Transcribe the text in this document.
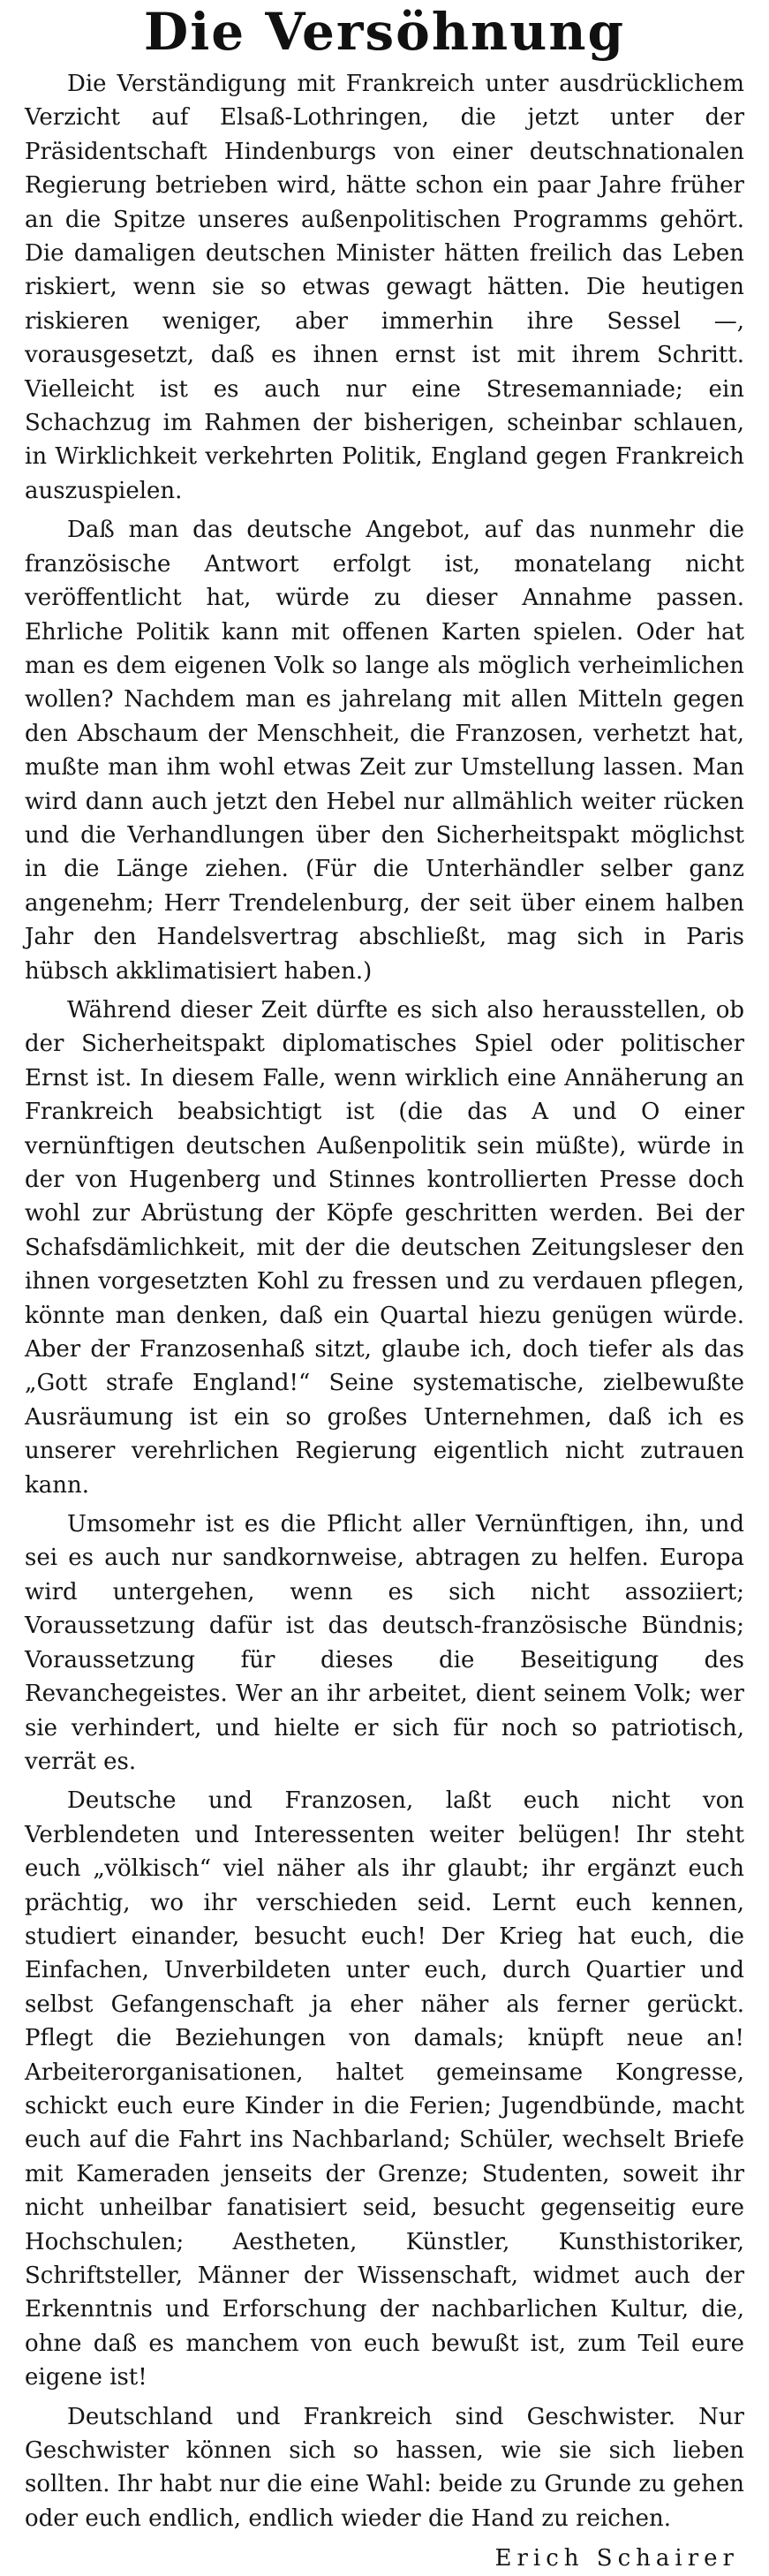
Die Versöhnung

Die Verständigung mit Frankreich unter ausdrücklichem Verzicht auf Elsaß-Lothringen, die jetzt unter der Präsidentschaft Hindenburgs von einer deutschnationalen Regierung betrieben wird, hätte schon ein paar Jahre früher an die Spitze unseres außenpolitischen Programms gehört. Die damaligen deutschen Minister hätten freilich das Leben riskiert, wenn sie so etwas gewagt hätten. Die heutigen riskieren weniger, aber immerhin ihre Sessel —, vorausgesetzt, daß es ihnen ernst ist mit ihrem Schritt. Vielleicht ist es auch nur eine Stresemanniade; ein Schachzug im Rahmen der bisherigen, scheinbar schlauen, in Wirklichkeit verkehrten Politik, England gegen Frankreich auszuspielen.

Daß man das deutsche Angebot, auf das nunmehr die französische Antwort erfolgt ist, monatelang nicht veröffentlicht hat, würde zu dieser Annahme passen. Ehrliche Politik kann mit offenen Karten spielen. Oder hat man es dem eigenen Volk so lange als möglich verheimlichen wollen? Nachdem man es jahrelang mit allen Mitteln gegen den Abschaum der Menschheit, die Franzosen, verhetzt hat, mußte man ihm wohl etwas Zeit zur Umstellung lassen. Man wird dann auch jetzt den Hebel nur allmählich weiter rücken und die Verhandlungen über den Sicherheitspakt möglichst in die Länge ziehen. (Für die Unterhändler selber ganz angenehm; Herr Trendelenburg, der seit über einem halben Jahr den Handelsvertrag abschließt, mag sich in Paris hübsch akklimatisiert haben.)

Während dieser Zeit dürfte es sich also herausstellen, ob der Sicherheitspakt diplomatisches Spiel oder politischer Ernst ist. In diesem Falle, wenn wirklich eine Annäherung an Frankreich beabsichtigt ist (die das A und O einer vernünftigen deutschen Außenpolitik sein müßte), würde in der von Hugenberg und Stinnes kontrollierten Presse doch wohl zur Abrüstung der Köpfe geschritten werden. Bei der Schafsdämlichkeit, mit der die deutschen Zeitungsleser den ihnen vorgesetzten Kohl zu fressen und zu verdauen pflegen, könnte man denken, daß ein Quartal hiezu genügen würde. Aber der Franzosenhaß sitzt, glaube ich, doch tiefer als das „Gott strafe England!“ Seine systematische, zielbewußte Ausräumung ist ein so großes Unternehmen, daß ich es unserer verehrlichen Regierung eigentlich nicht zutrauen kann.

Umsomehr ist es die Pflicht aller Vernünftigen, ihn, und sei es auch nur sandkornweise, abtragen zu helfen. Europa wird untergehen, wenn es sich nicht assoziiert; Voraussetzung dafür ist das deutsch-französische Bündnis; Voraussetzung für dieses die Beseitigung des Revanchegeistes. Wer an ihr arbeitet, dient seinem Volk; wer sie verhindert, und hielte er sich für noch so patriotisch, verrät es.

Deutsche und Franzosen, laßt euch nicht von Verblendeten und Interessenten weiter belügen! Ihr steht euch „völkisch“ viel näher als ihr glaubt; ihr ergänzt euch prächtig, wo ihr verschieden seid. Lernt euch kennen, studiert einander, besucht euch! Der Krieg hat euch, die Einfachen, Unverbildeten unter euch, durch Quartier und selbst Gefangenschaft ja eher näher als ferner gerückt. Pflegt die Beziehungen von damals; knüpft neue an! Arbeiterorganisationen, haltet gemeinsame Kongresse, schickt euch eure Kinder in die Ferien; Jugendbünde, macht euch auf die Fahrt ins Nachbarland; Schüler, wechselt Briefe mit Kameraden jenseits der Grenze; Studenten, soweit ihr nicht unheilbar fanatisiert seid, besucht gegenseitig eure Hochschulen; Aestheten, Künstler, Kunsthistoriker, Schriftsteller, Männer der Wissenschaft, widmet auch der Erkenntnis und Erforschung der nachbarlichen Kultur, die, ohne daß es manchem von euch bewußt ist, zum Teil eure eigene ist!

Deutschland und Frankreich sind Geschwister. Nur Geschwister können sich so hassen, wie sie sich lieben sollten. Ihr habt nur die eine Wahl: beide zu Grunde zu gehen oder euch endlich, endlich wieder die Hand zu reichen.

Erich Schairer
